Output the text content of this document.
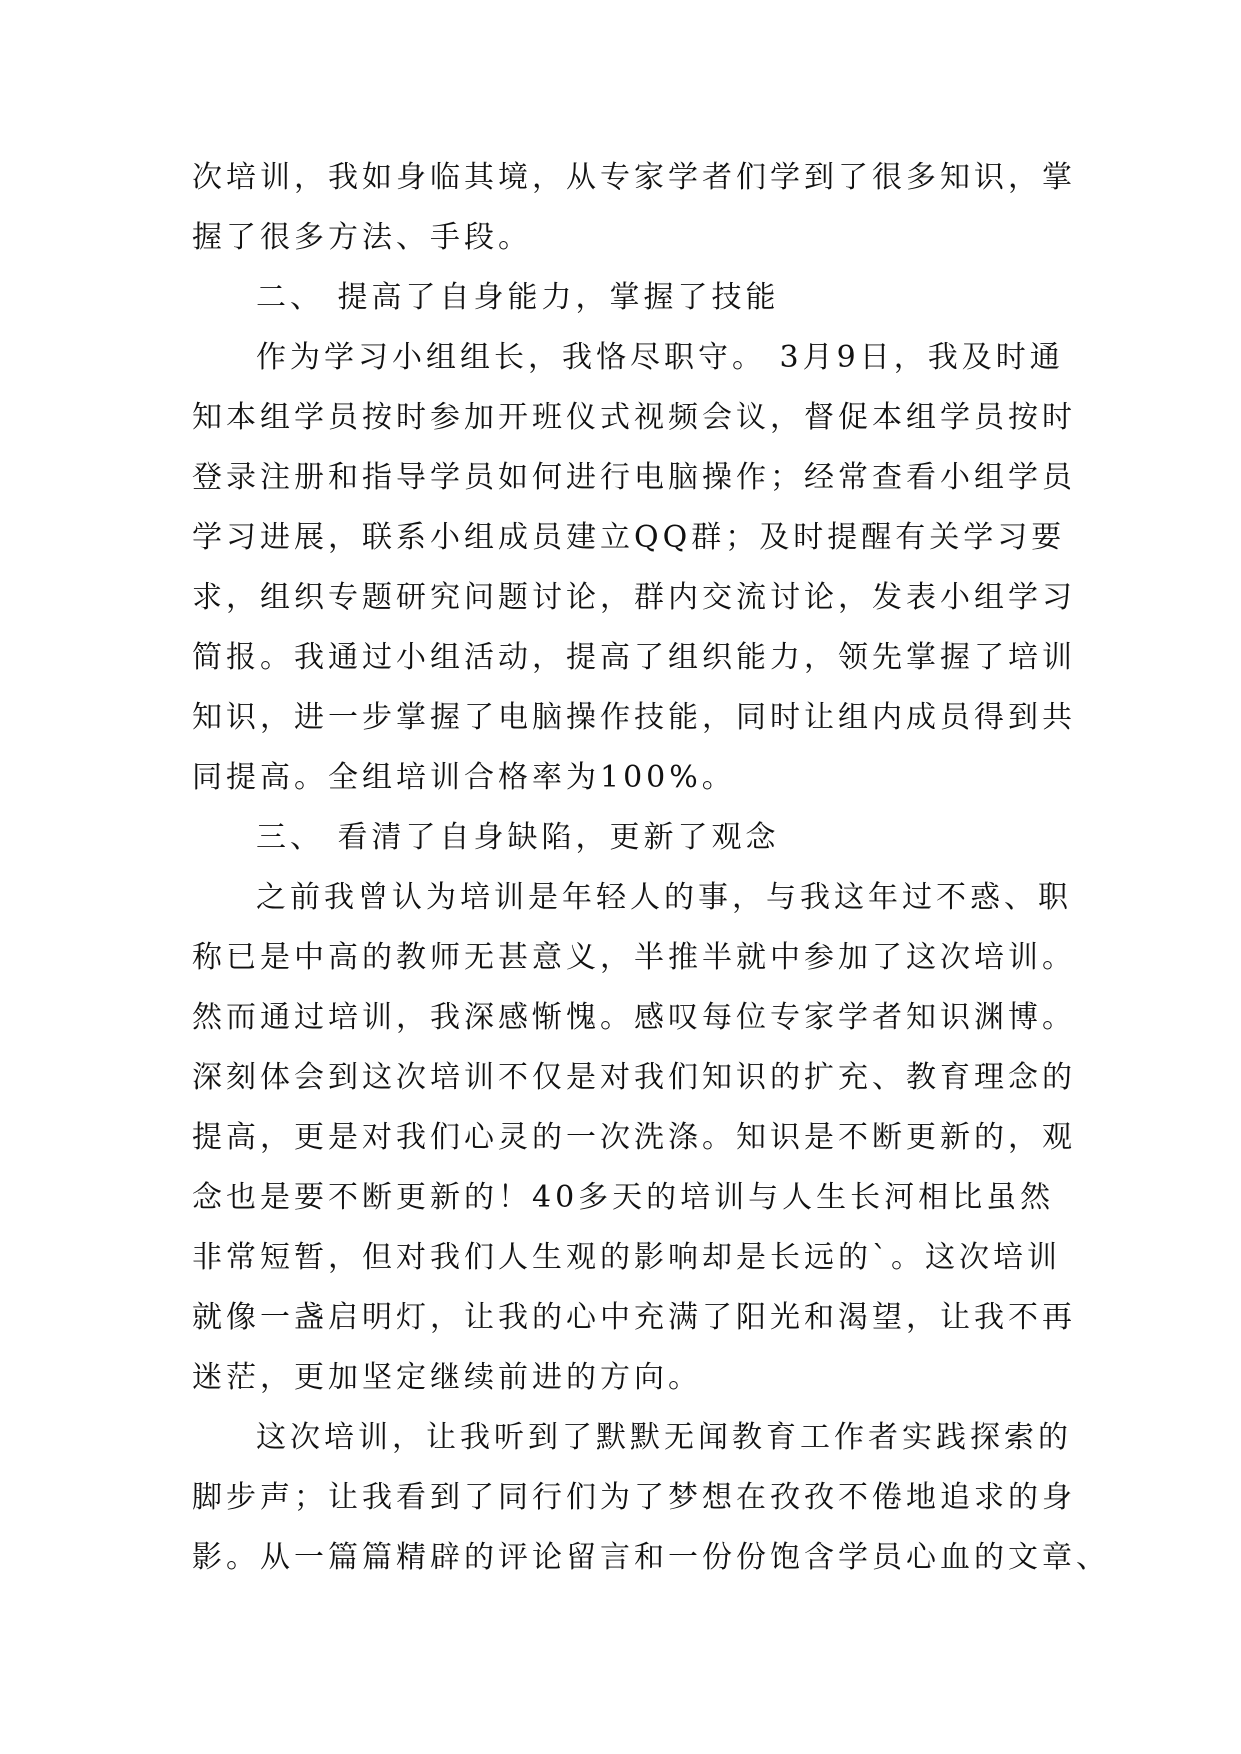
次培训，我如身临其境，从专家学者们学到了很多知识，掌
握了很多方法、手段。
二、 提高了自身能力，掌握了技能
作为学习小组组长，我恪尽职守。 3月9日，我及时通
知本组学员按时参加开班仪式视频会议，督促本组学员按时
登录注册和指导学员如何进行电脑操作；经常查看小组学员
学习进展，联系小组成员建立QQ群；及时提醒有关学习要
求，组织专题研究问题讨论，群内交流讨论，发表小组学习
简报。我通过小组活动，提高了组织能力，领先掌握了培训
知识，进一步掌握了电脑操作技能，同时让组内成员得到共
同提高。全组培训合格率为100%。
三、 看清了自身缺陷，更新了观念
之前我曾认为培训是年轻人的事，与我这年过不惑、职
称已是中高的教师无甚意义，半推半就中参加了这次培训。
然而通过培训，我深感惭愧。感叹每位专家学者知识渊博。
深刻体会到这次培训不仅是对我们知识的扩充、教育理念的
提高，更是对我们心灵的一次洗涤。知识是不断更新的，观
念也是要不断更新的！40多天的培训与人生长河相比虽然
非常短暂，但对我们人生观的影响却是长远的`。这次培训
就像一盏启明灯，让我的心中充满了阳光和渴望，让我不再
迷茫，更加坚定继续前进的方向。
这次培训，让我听到了默默无闻教育工作者实践探索的
脚步声；让我看到了同行们为了梦想在孜孜不倦地追求的身
影。从一篇篇精辟的评论留言和一份份饱含学员心血的文章、
